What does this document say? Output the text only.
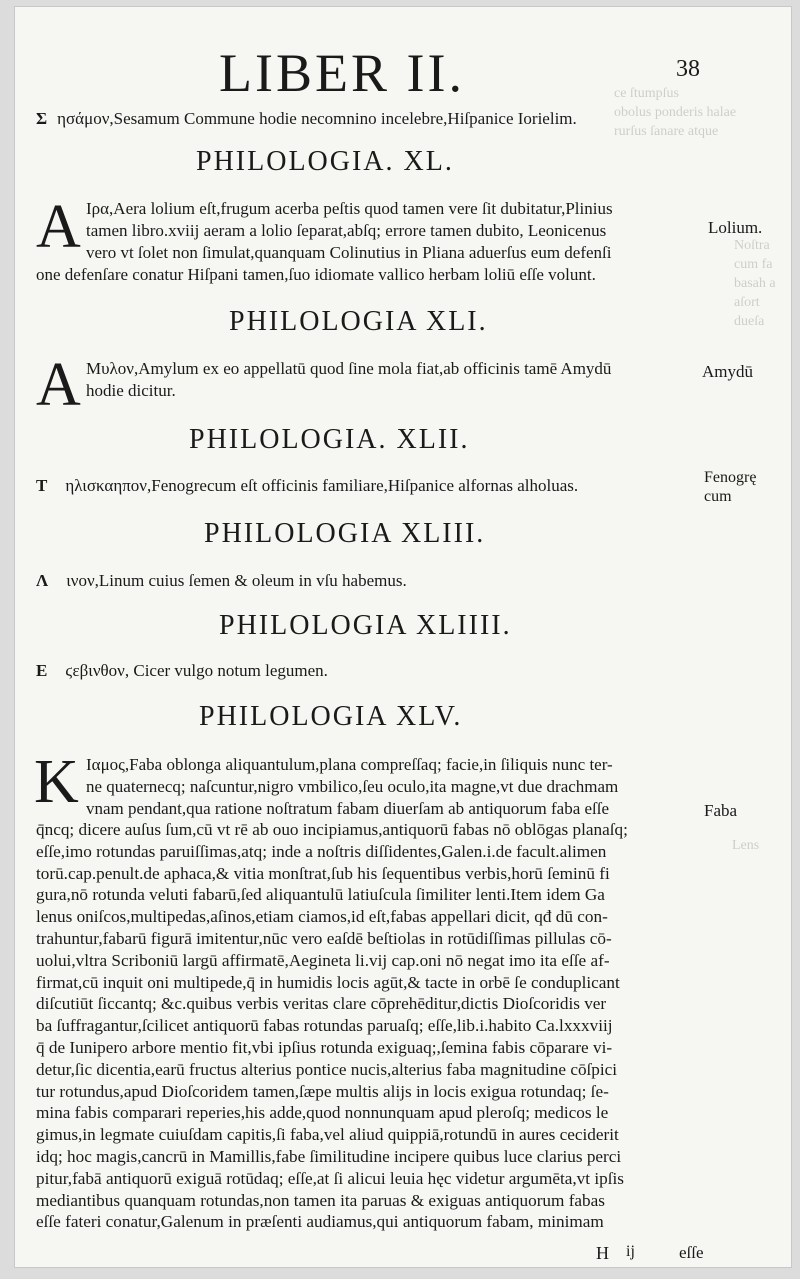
ce ſtumpſus
obolus ponderis halae
rurſus ſanare atque

Noſtra
cum fa
basah a
aſort
dueſa
Lens
LIBER II.	38
Σ ησάμον,Sesamum Commune hodie necomnino incelebre,Hiſpanice Iorielim.
PHILOLOGIA. XL.
A Iρα,Aera lolium eſt,frugum acerba peſtis quod tamen vere ſit dubitatur,Plinius
tamen libro.xviij aeram a lolio ſeparat,abſq; errore tamen dubito, Leonicenus
vero vt ſolet non ſimulat,quanquam Colinutius in Pliana aduerſus eum defenſi
one defenſare conatur Hiſpani tamen,ſuo idiomate vallico herbam loliū eſſe volunt.
Lolium.
PHILOLOGIA XLI.
A Mυλον,Amylum ex eo appellatū quod ſine mola fiat,ab officinis tamē Amydū
hodie dicitur.
Amydū
PHILOLOGIA. XLII.
T ηλισκαηπον,Fenogrecum eſt officinis familiare,Hiſpanice alfornas alholuas.	Fenogrę
cum
PHILOLOGIA XLIII.
Λ ινον,Linum cuius ſemen & oleum in vſu habemus.
PHILOLOGIA XLIIII.
E ϛεβινθον, Cicer vulgo notum legumen.
PHILOLOGIA XLV.
K Iαμος,Faba oblonga aliquantulum,plana compreſſaq; facie,in ſiliquis nunc ter-
ne quaternecq; naſcuntur,nigro vmbilico,ſeu oculo,ita magne,vt due drachmam
vnam pendant,qua ratione noſtratum fabam diuerſam ab antiquorum faba eſſe
q̄ncq; dicere auſus ſum,cū vt rē ab ouo incipiamus,antiquorū fabas nō oblōgas planaſq;
eſſe,imo rotundas paruiſſimas,atq; inde a noſtris diſſidentes,Galen.i.de facult.alimen
torū.cap.penult.de aphaca,& vitia monſtrat,ſub his ſequentibus verbis,horū ſeminū fi
gura,nō rotunda veluti fabarū,ſed aliquantulū latiuſcula ſimiliter lenti.Item idem Ga
lenus oniſcos,multipedas,aſinos,etiam ciamos,id eſt,fabas appellari dicit, qđ dū con-
trahuntur,fabarū figurā imitentur,nūc vero eaſdē beſtiolas in rotūdiſſimas pillulas cō-
uolui,vltra Scriboniū largū affirmatē,Aegineta li.vij cap.oni nō negat imo ita eſſe af-
firmat,cū inquit oni multipede,q̄ in humidis locis agūt,& tacte in orbē ſe conduplicant
diſcutiūt ſiccantq; &c.quibus verbis veritas clare cōprehēditur,dictis Dioſcoridis ver
ba ſuffragantur,ſcilicet antiquorū fabas rotundas paruaſq; eſſe,lib.i.habito Ca.lxxxviij
q̄ de Iunipero arbore mentio fit,vbi ipſius rotunda exiguaq;,ſemina fabis cōparare vi-
detur,ſic dicentia,earū fructus alterius pontice nucis,alterius faba magnitudine cōſpici
tur rotundus,apud Dioſcoridem tamen,ſæpe multis alijs in locis exigua rotundaq; ſe-
mina fabis comparari reperies,his adde,quod nonnunquam apud pleroſq; medicos le
gimus,in legmate cuiuſdam capitis,ſi faba,vel aliud quippiā,rotundū in aures ceciderit
idq; hoc magis,cancrū in Mamillis,fabe ſimilitudine incipere quibus luce clarius perci
pitur,fabā antiquorū exiguā rotūdaq; eſſe,at ſi alicui leuia hęc videtur argumēta,vt ipſis
mediantibus quanquam rotundas,non tamen ita paruas & exiguas antiquorum fabas
eſſe fateri conatur,Galenum in præſenti audiamus,qui antiquorum fabam, minimam
Faba
H ij	eſſe
